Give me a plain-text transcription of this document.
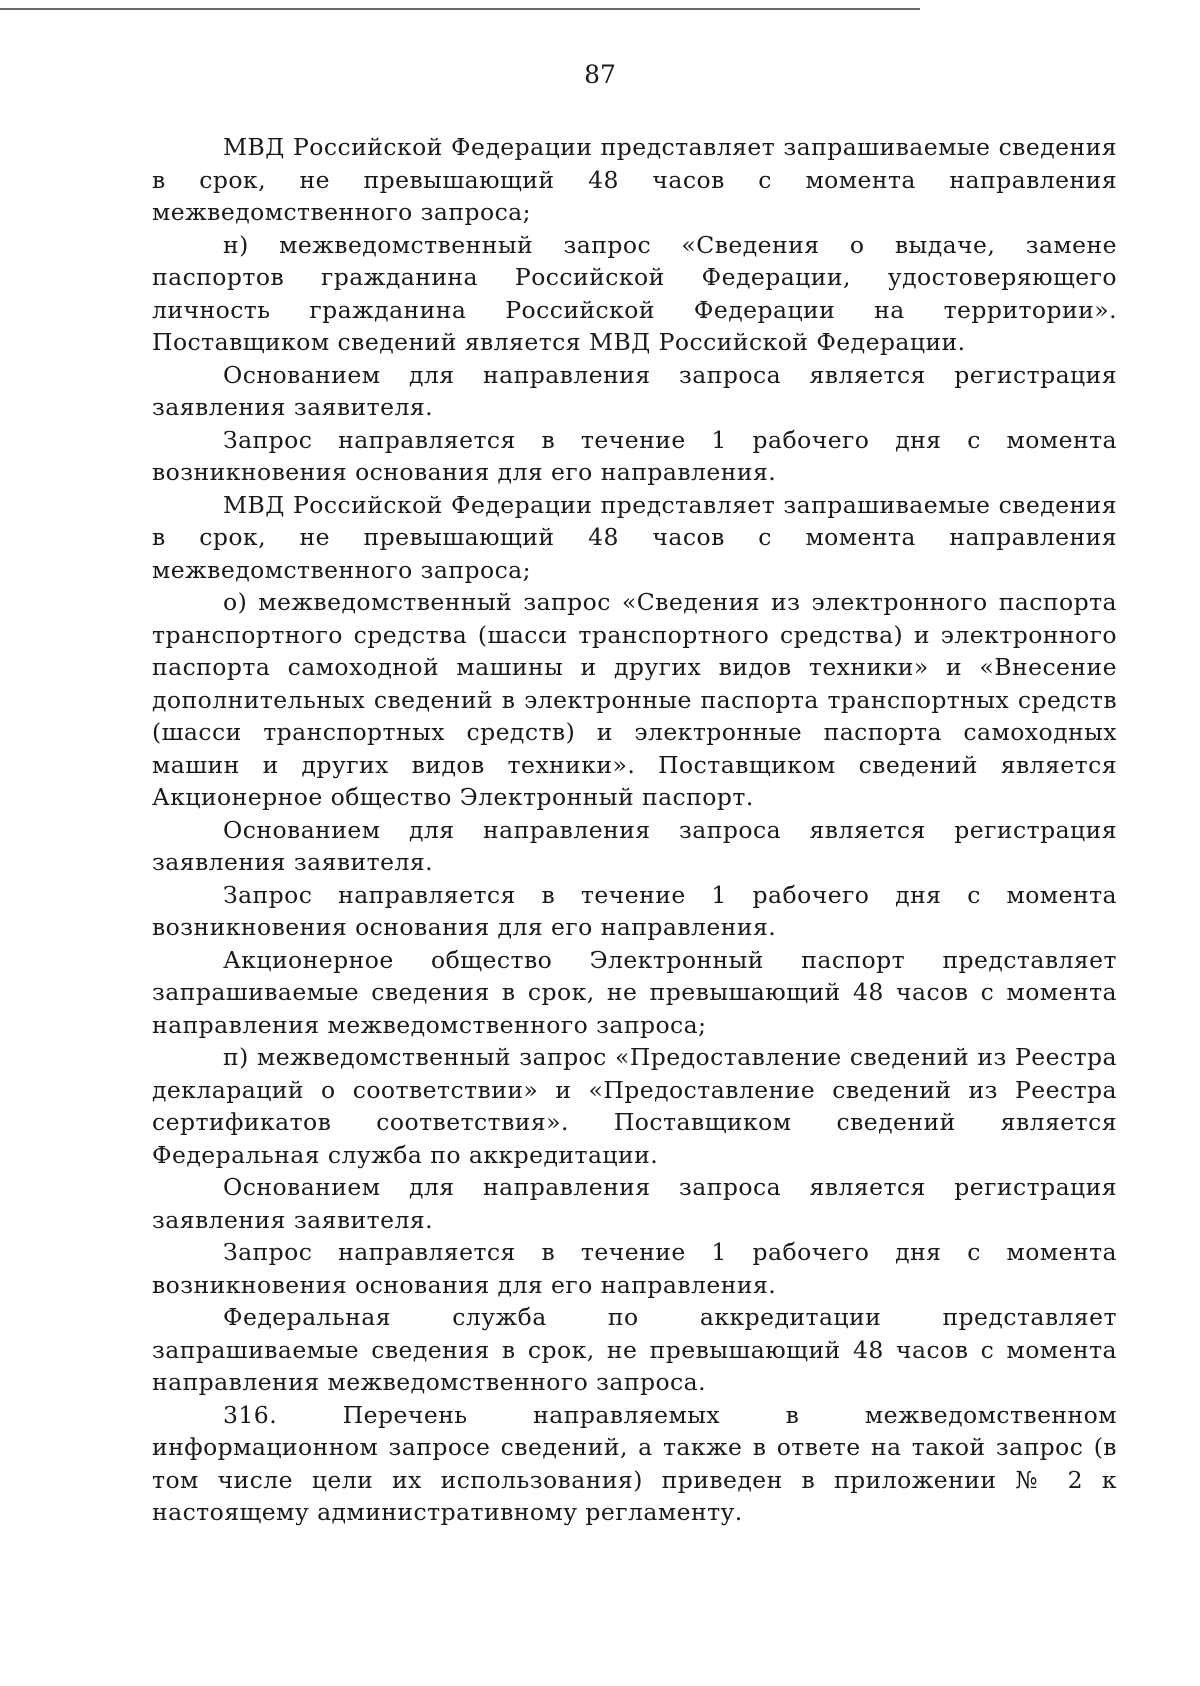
87

МВД Российской Федерации представляет запрашиваемые сведения в срок, не превышающий 48 часов с момента направления межведомственного запроса;

н) межведомственный запрос «Сведения о выдаче, замене паспортов гражданина Российской Федерации, удостоверяющего личность гражданина Российской Федерации на территории». Поставщиком сведений является МВД Российской Федерации.

Основанием для направления запроса является регистрация заявления заявителя.

Запрос направляется в течение 1 рабочего дня с момента возникновения основания для его направления.

МВД Российской Федерации представляет запрашиваемые сведения в срок, не превышающий 48 часов с момента направления межведомственного запроса;

о) межведомственный запрос «Сведения из электронного паспорта транспортного средства (шасси транспортного средства) и электронного паспорта самоходной машины и других видов техники» и «Внесение дополнительных сведений в электронные паспорта транспортных средств (шасси транспортных средств) и электронные паспорта самоходных машин и других видов техники». Поставщиком сведений является Акционерное общество Электронный паспорт.

Основанием для направления запроса является регистрация заявления заявителя.

Запрос направляется в течение 1 рабочего дня с момента возникновения основания для его направления.

Акционерное общество Электронный паспорт представляет запрашиваемые сведения в срок, не превышающий 48 часов с момента направления межведомственного запроса;

п) межведомственный запрос «Предоставление сведений из Реестра деклараций о соответствии» и «Предоставление сведений из Реестра сертификатов соответствия». Поставщиком сведений является Федеральная служба по аккредитации.

Основанием для направления запроса является регистрация заявления заявителя.

Запрос направляется в течение 1 рабочего дня с момента возникновения основания для его направления.

Федеральная служба по аккредитации представляет запрашиваемые сведения в срок, не превышающий 48 часов с момента направления межведомственного запроса.

316. Перечень направляемых в межведомственном информационном запросе сведений, а также в ответе на такой запрос (в том числе цели их использования) приведен в приложении № 2 к настоящему административному регламенту.
